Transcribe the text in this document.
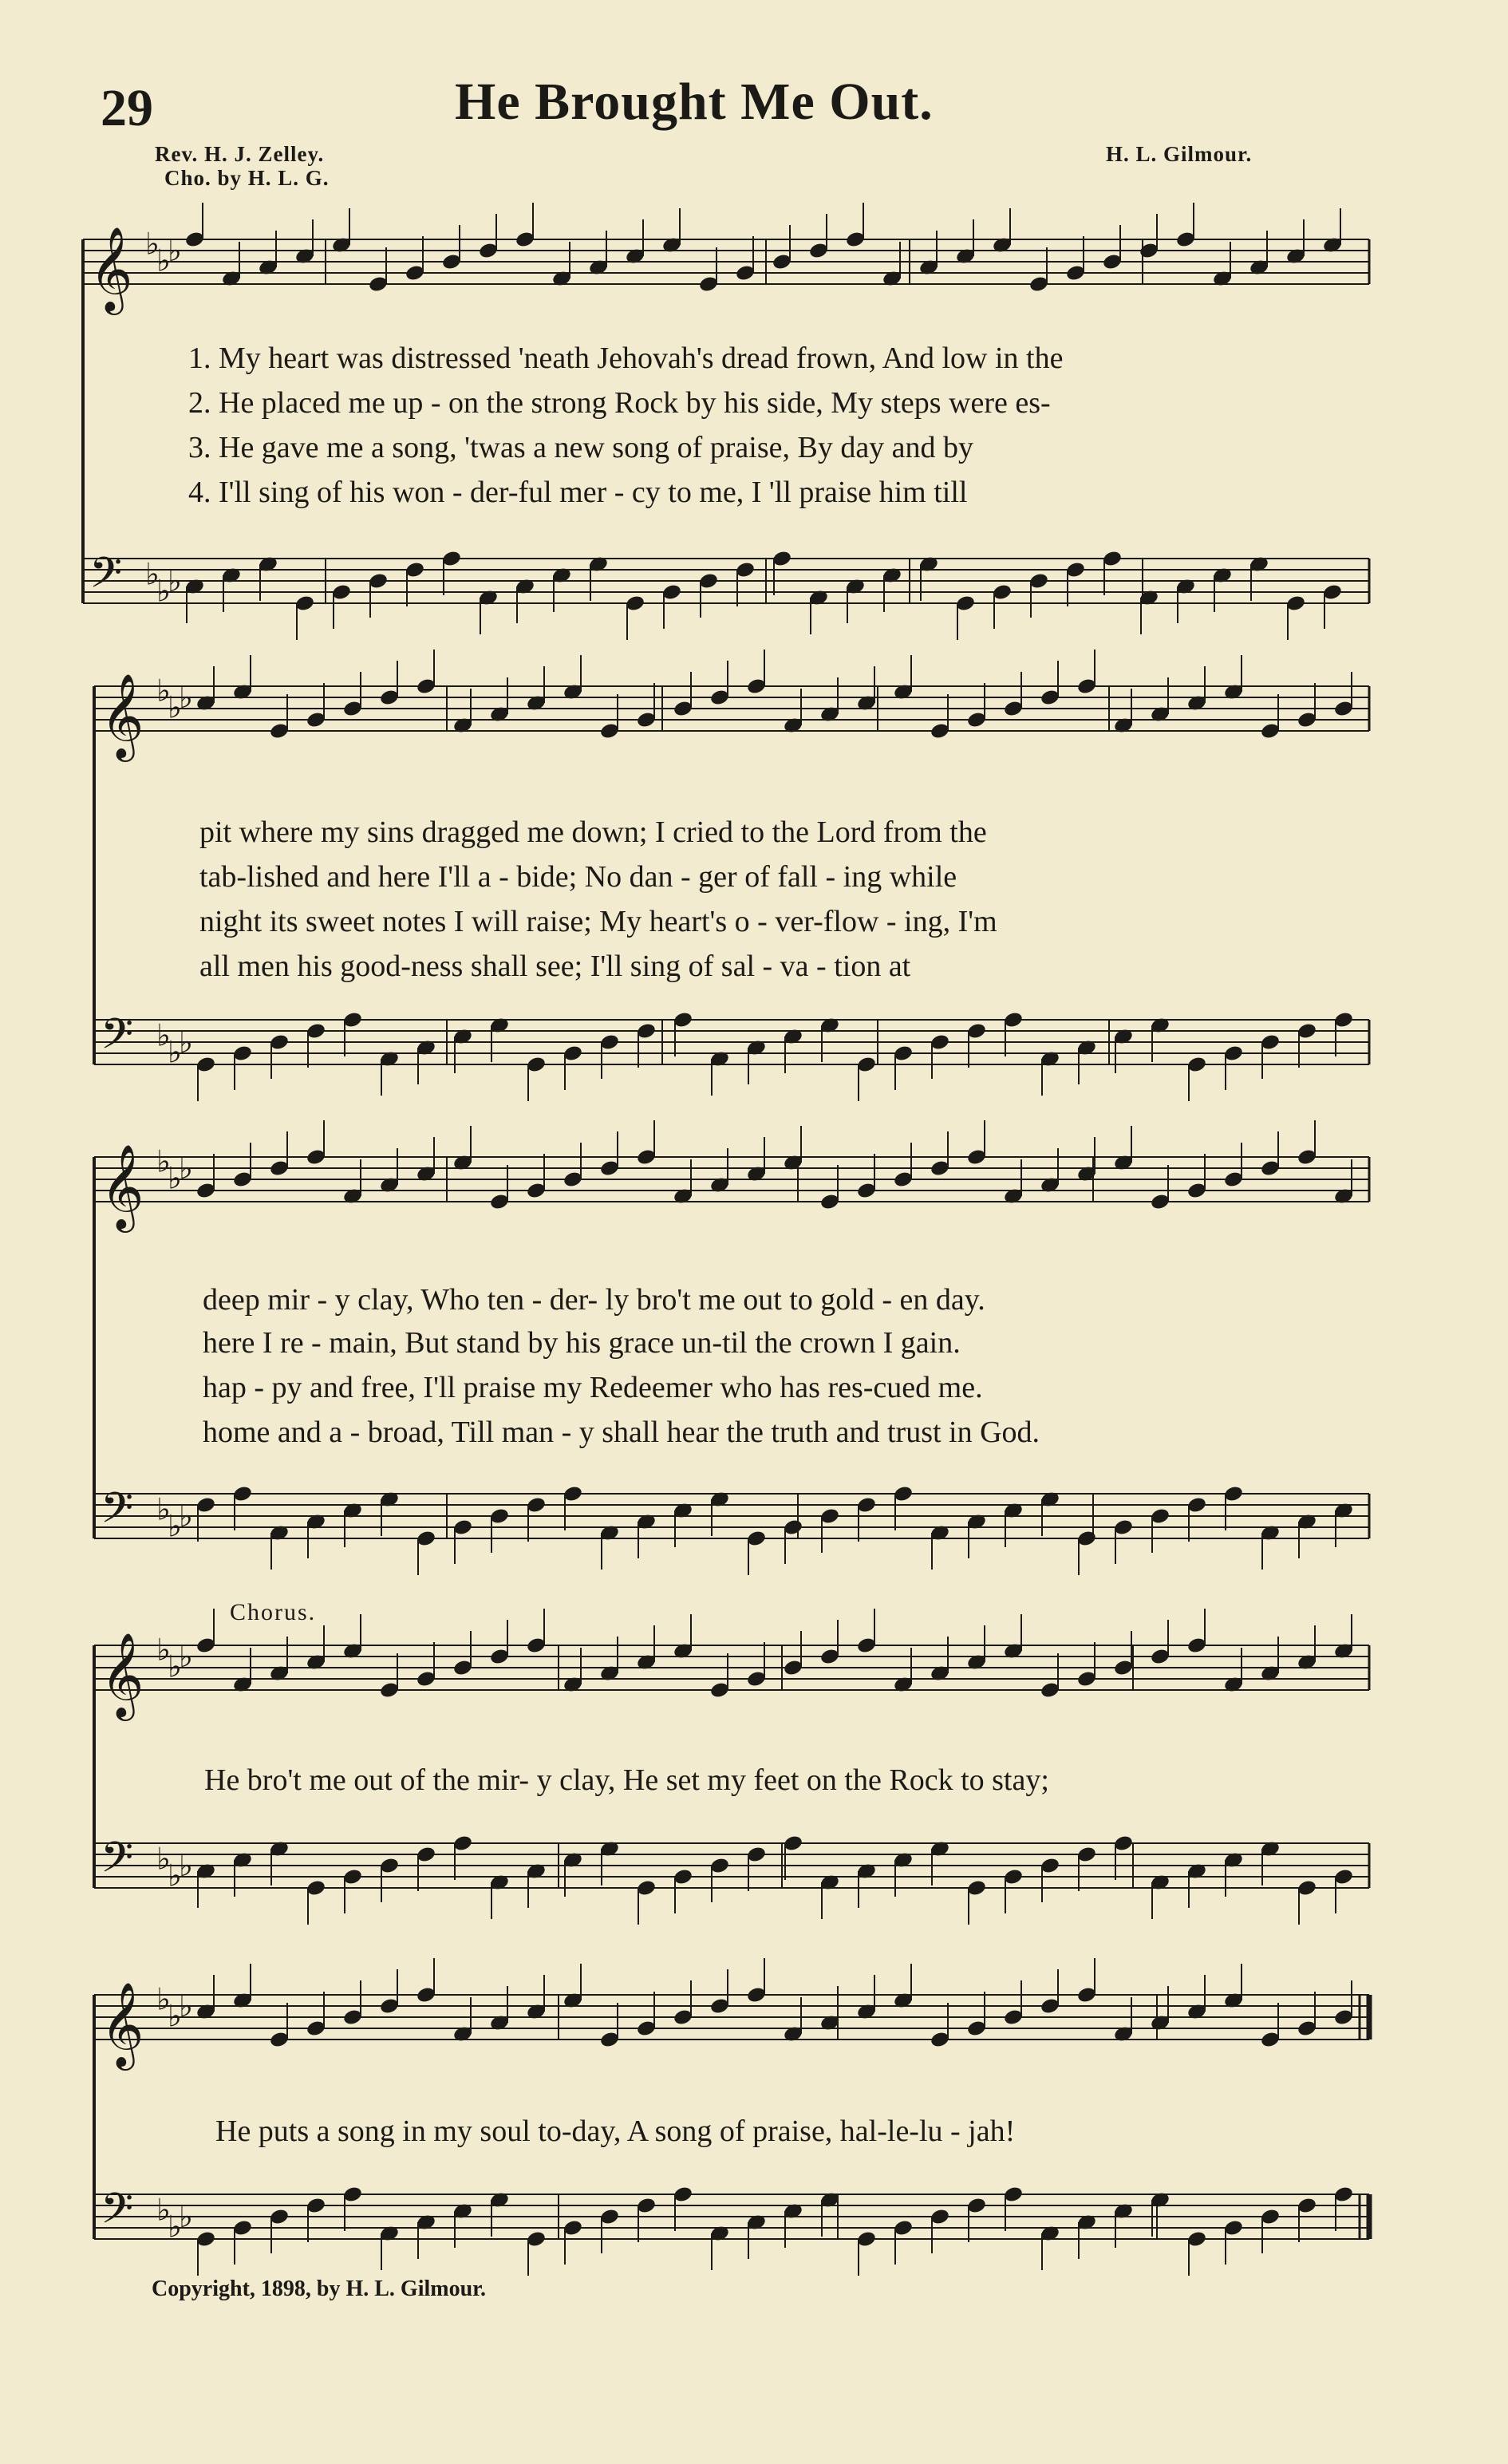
𝄞 ♭
♭
♭
𝄢 ♭
♭
♭
𝄞 ♭
♭
♭
𝄢 ♭
♭
♭
𝄞 ♭
♭
♭
𝄢 ♭
♭
♭
𝄞 ♭
♭
♭
𝄢 ♭
♭
♭
𝄞 ♭
♭
♭
𝄢 ♭
♭
♭
29	He Brought Me Out.
Rev. H. J. Zelley.
Cho. by H. L. G.
H. L. Gilmour.
1. My heart was distressed 'neath Jehovah's dread frown, And low in the
2. He placed me up - on the strong Rock by his side, My steps were es-
3. He gave me a song, 'twas a new song of praise, By day and by
4. I'll sing of his won - der-ful mer - cy to me, I 'll praise him till
pit where my sins dragged me down; I cried to the Lord from the
tab-lished and here I'll a - bide; No dan - ger of fall - ing while
night its sweet notes I will raise; My heart's o - ver-flow - ing, I'm
all men his good-ness shall see; I'll sing of sal - va - tion at
deep mir - y clay, Who ten - der- ly bro't me out to gold - en day.
here I re - main, But stand by his grace un-til the crown I gain.
hap - py and free, I'll praise my Redeemer who has res-cued me.
home and a - broad, Till man - y shall hear the truth and trust in God.
Chorus.
He bro't me out of the mir- y clay, He set my feet on the Rock to stay;
He puts a song in my soul to-day, A song of praise, hal-le-lu - jah!
Copyright, 1898, by H. L. Gilmour.
